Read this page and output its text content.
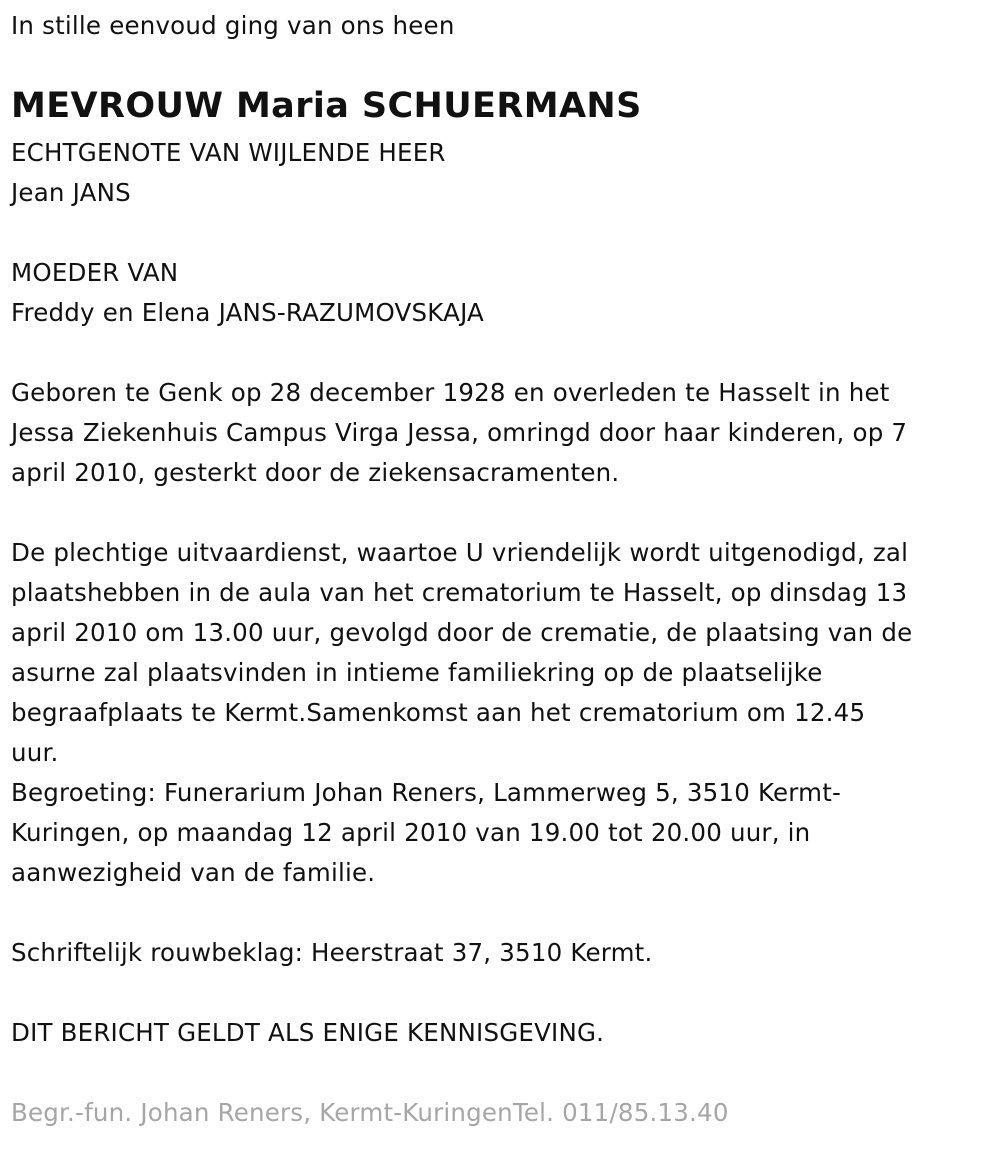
In stille eenvoud ging van ons heen
MEVROUW Maria SCHUERMANS
ECHTGENOTE VAN WIJLENDE HEER
Jean JANS
MOEDER VAN
Freddy en Elena JANS-RAZUMOVSKAJA
Geboren te Genk op 28 december 1928 en overleden te Hasselt in het
Jessa Ziekenhuis Campus Virga Jessa, omringd door haar kinderen, op 7
april 2010, gesterkt door de ziekensacramenten.
De plechtige uitvaardienst, waartoe U vriendelijk wordt uitgenodigd, zal
plaatshebben in de aula van het crematorium te Hasselt, op dinsdag 13
april 2010 om 13.00 uur, gevolgd door de crematie, de plaatsing van de
asurne zal plaatsvinden in intieme familiekring op de plaatselijke
begraafplaats te Kermt.Samenkomst aan het crematorium om 12.45
uur.
Begroeting: Funerarium Johan Reners, Lammerweg 5, 3510 Kermt-
Kuringen, op maandag 12 april 2010 van 19.00 tot 20.00 uur, in
aanwezigheid van de familie.
Schriftelijk rouwbeklag: Heerstraat 37, 3510 Kermt.
DIT BERICHT GELDT ALS ENIGE KENNISGEVING.
Begr.-fun. Johan Reners, Kermt-KuringenTel. 011/85.13.40
